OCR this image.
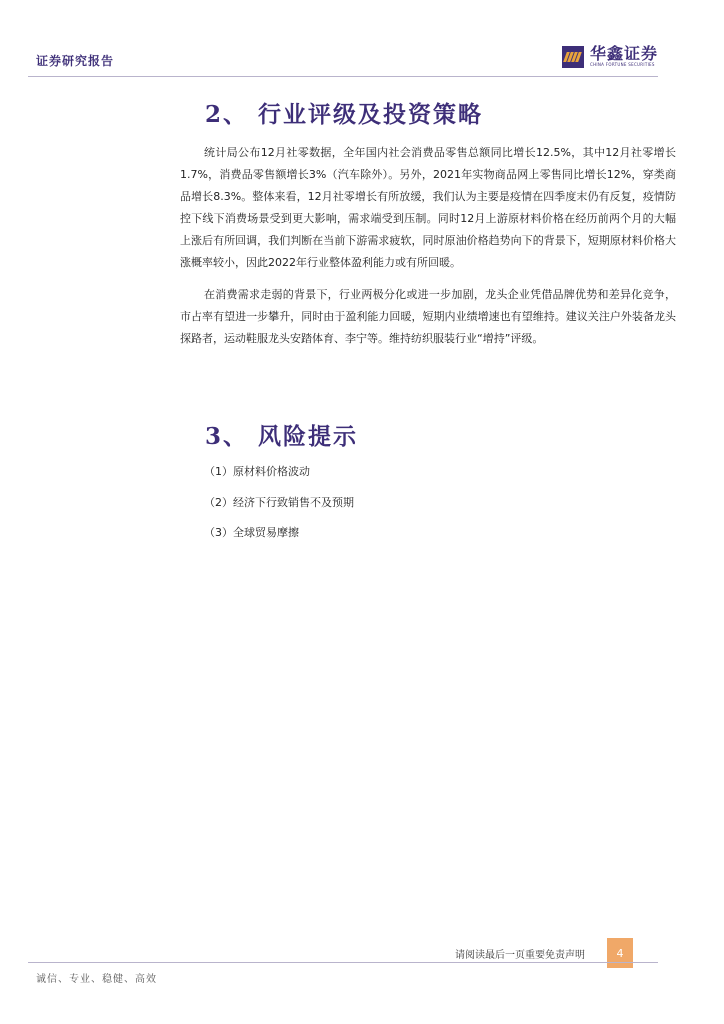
证券研究报告	华鑫证券
CHINA FORTUNE SECURITIES
2、 行业评级及投资策略

统计局公布12月社零数据，全年国内社会消费品零售总额同比增长12.5%，其中12月社零增长1.7%，消费品零售额增长3%（汽车除外）。另外，2021年实物商品网上零售同比增长12%，穿类商品增长8.3%。整体来看，12月社零增长有所放缓，我们认为主要是疫情在四季度末仍有反复，疫情防控下线下消费场景受到更大影响，需求端受到压制。同时12月上游原材料价格在经历前两个月的大幅上涨后有所回调，我们判断在当前下游需求疲软，同时原油价格趋势向下的背景下，短期原材料价格大涨概率较小，因此2022年行业整体盈利能力或有所回暖。

在消费需求走弱的背景下，行业两极分化或进一步加剧，龙头企业凭借品牌优势和差异化竞争，市占率有望进一步攀升，同时由于盈利能力回暖，短期内业绩增速也有望维持。建议关注户外装备龙头探路者，运动鞋服龙头安踏体育、李宁等。维持纺织服装行业“增持”评级。

3、 风险提示
（1）原材料价格波动
（2）经济下行致销售不及预期
（3）全球贸易摩擦
请阅读最后一页重要免责声明	4
诚信、专业、稳健、高效
